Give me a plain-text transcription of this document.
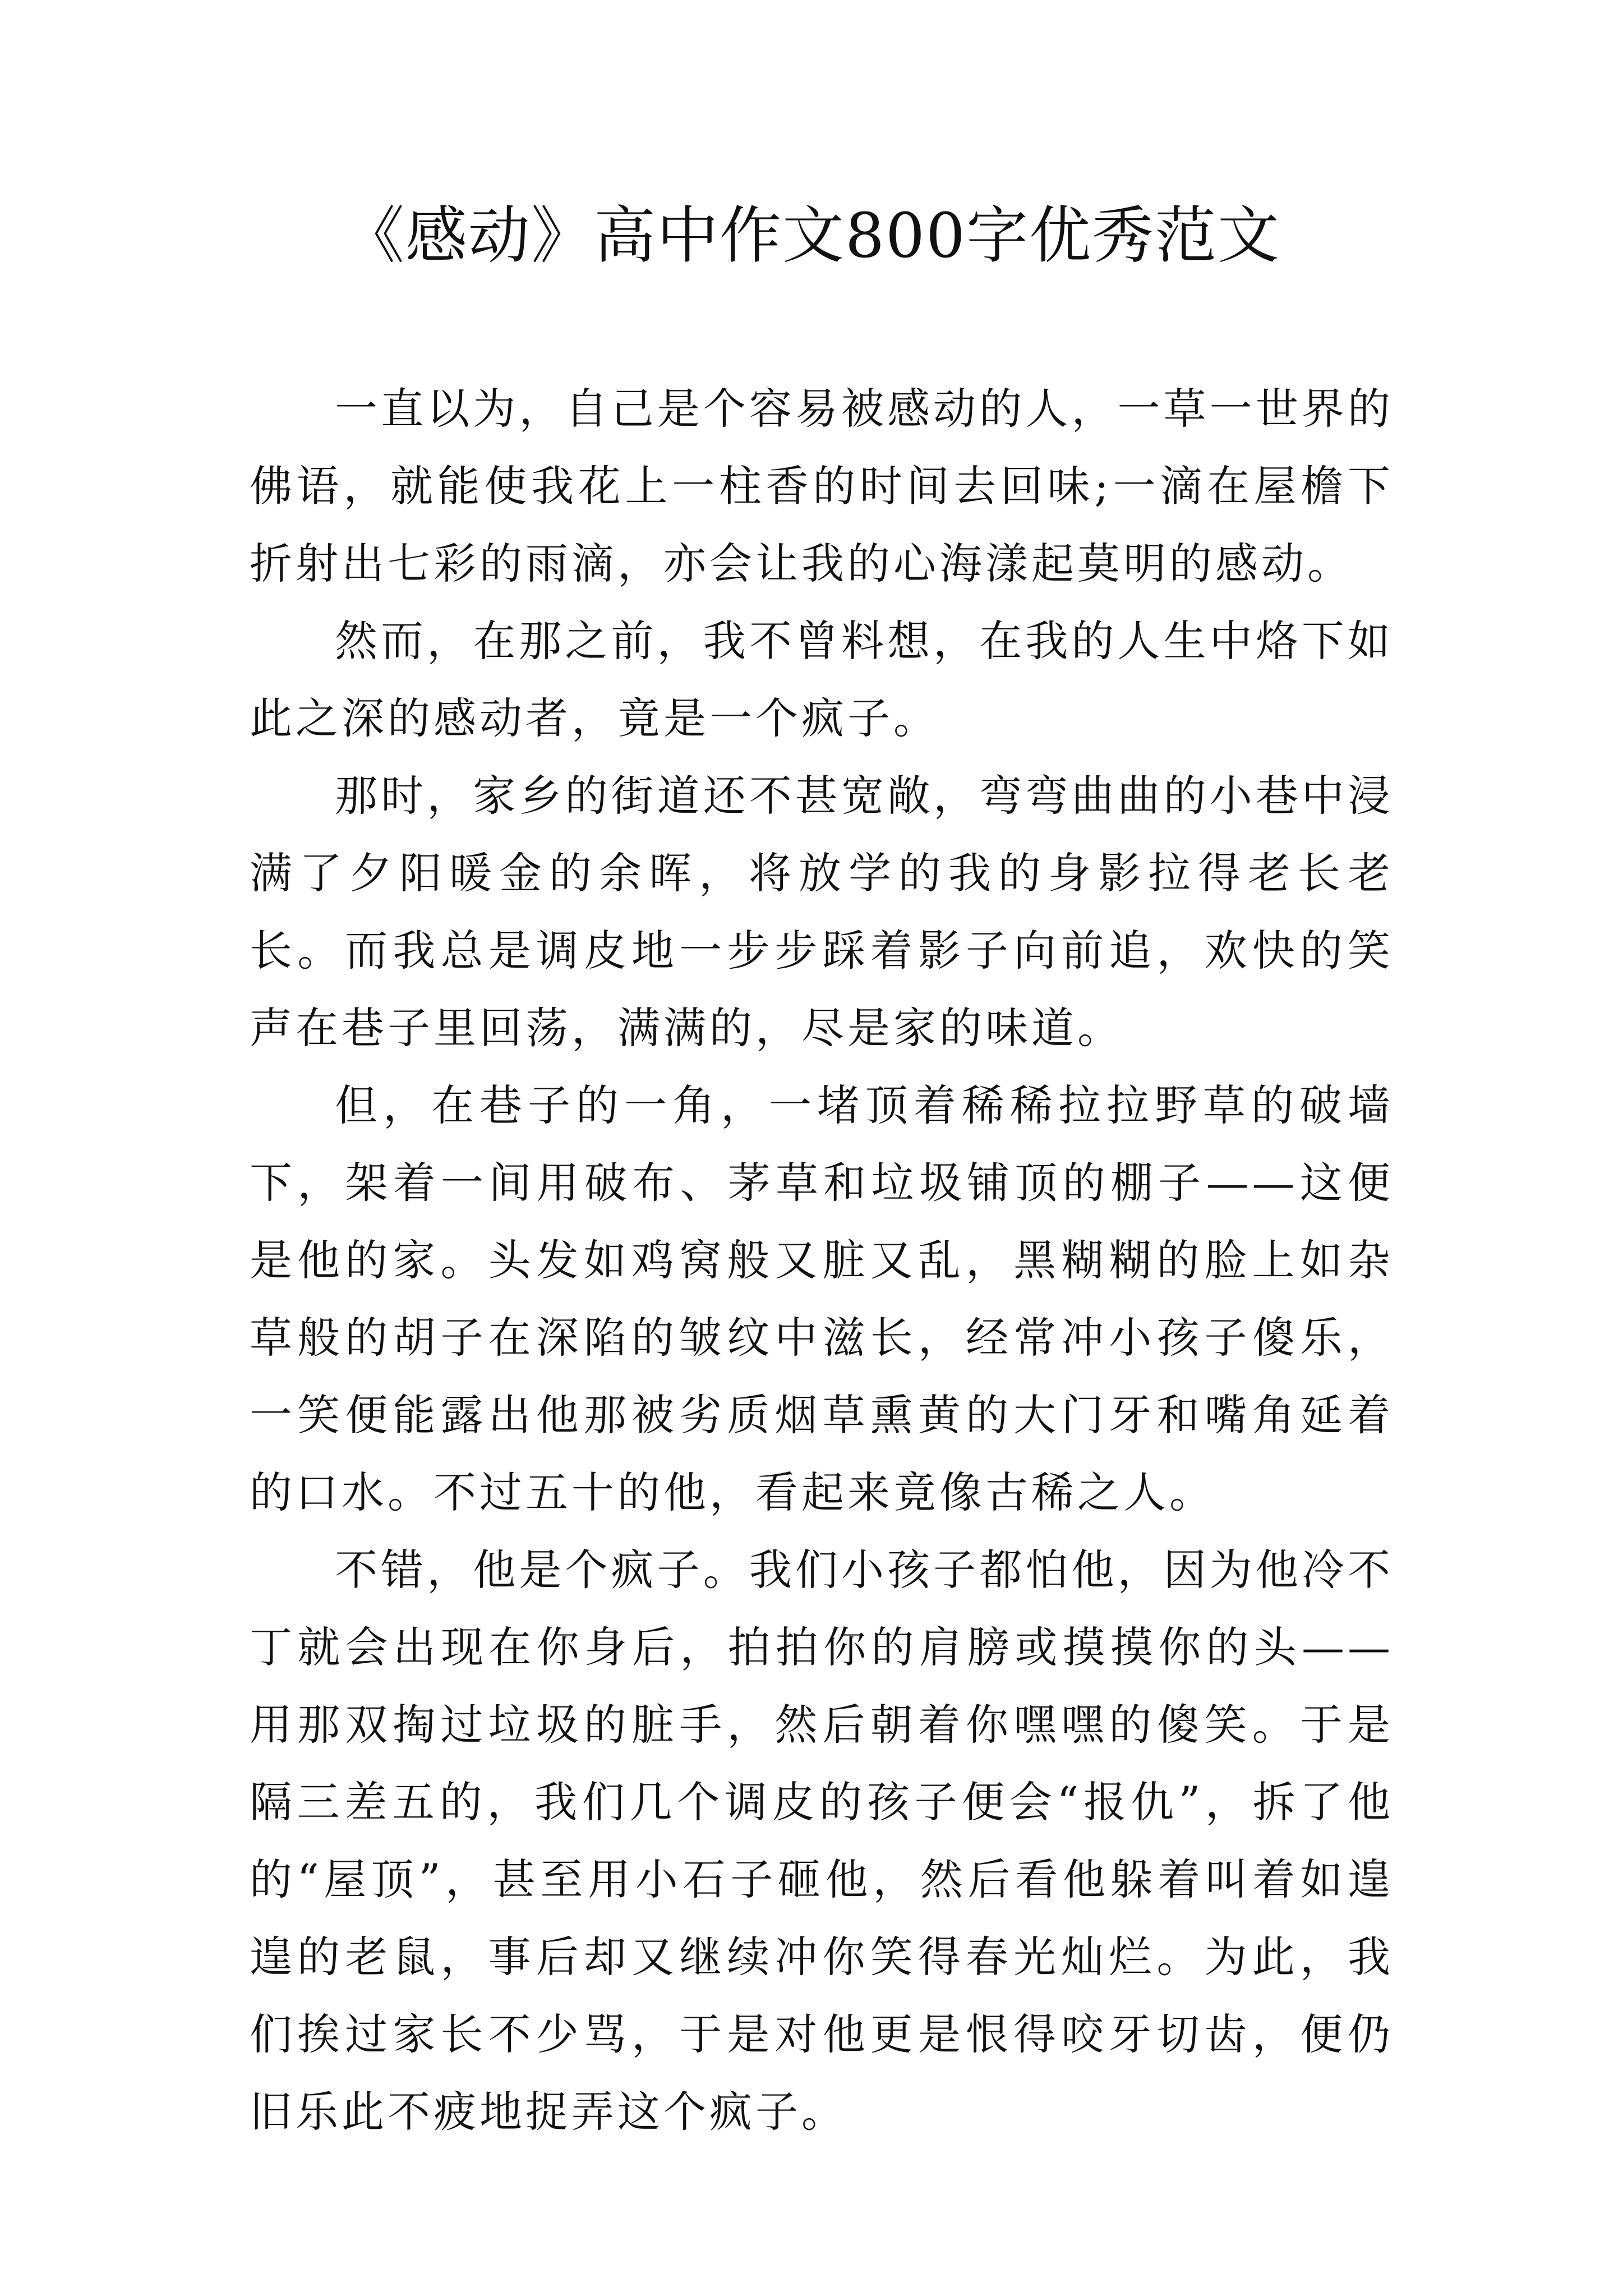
《感动》高中作文800字优秀范文

一直以为，自己是个容易被感动的人，一草一世界的佛语，就能使我花上一柱香的时间去回味;一滴在屋檐下折射出七彩的雨滴，亦会让我的心海漾起莫明的感动。

然而，在那之前，我不曾料想，在我的人生中烙下如此之深的感动者，竟是一个疯子。

那时，家乡的街道还不甚宽敞，弯弯曲曲的小巷中浸满了夕阳暖金的余晖，将放学的我的身影拉得老长老长。而我总是调皮地一步步踩着影子向前追，欢快的笑声在巷子里回荡，满满的，尽是家的味道。

但，在巷子的一角，一堵顶着稀稀拉拉野草的破墙下，架着一间用破布、茅草和垃圾铺顶的棚子——这便是他的家。头发如鸡窝般又脏又乱，黑糊糊的脸上如杂草般的胡子在深陷的皱纹中滋长，经常冲小孩子傻乐，一笑便能露出他那被劣质烟草熏黄的大门牙和嘴角延着的口水。不过五十的他，看起来竟像古稀之人。

不错，他是个疯子。我们小孩子都怕他，因为他冷不丁就会出现在你身后，拍拍你的肩膀或摸摸你的头——用那双掏过垃圾的脏手，然后朝着你嘿嘿的傻笑。于是隔三差五的，我们几个调皮的孩子便会“报仇”，拆了他的“屋顶”，甚至用小石子砸他，然后看他躲着叫着如遑遑的老鼠，事后却又继续冲你笑得春光灿烂。为此，我们挨过家长不少骂，于是对他更是恨得咬牙切齿，便仍旧乐此不疲地捉弄这个疯子。
